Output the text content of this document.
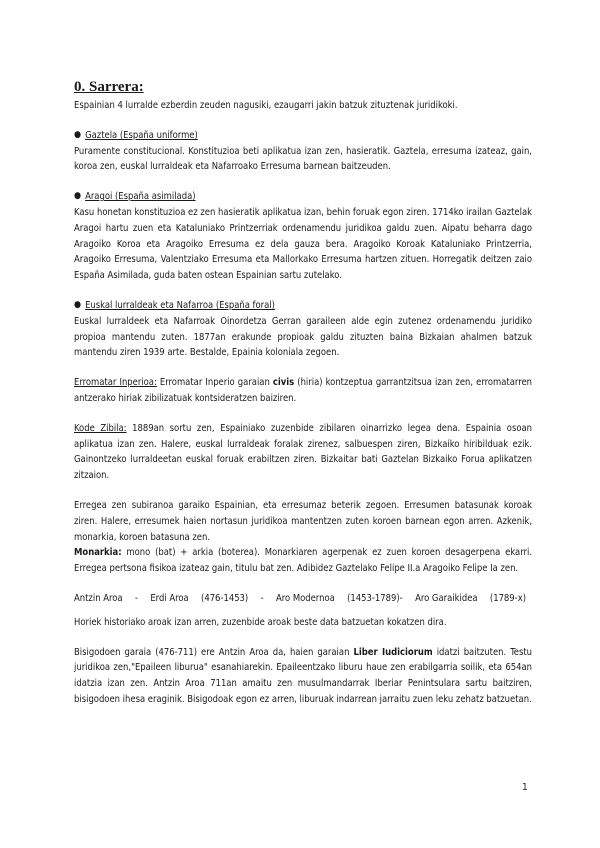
0. Sarrera:

Espainian 4 lurralde ezberdin zeuden nagusiki, ezaugarri jakin batzuk zituztenak juridikoki.

● Gaztela (España uniforme)

Puramente constitucional. Konstituzioa beti aplikatua izan zen, hasieratik. Gaztela, erresuma izateaz, gain, koroa zen, euskal lurraldeak eta Nafarroako Erresuma barnean baitzeuden.

● Aragoi (España asimilada)

Kasu honetan konstituzioa ez zen hasieratik aplikatua izan, behin foruak egon ziren. 1714ko irailan Gaztelak Aragoi hartu zuen eta Kataluniako Printzerriak ordenamendu juridikoa galdu zuen. Aipatu beharra dago Aragoiko Koroa eta Aragoiko Erresuma ez dela gauza bera. Aragoiko Koroak Kataluniako Printzerria, Aragoiko Erresuma, Valentziako Erresuma eta Mallorkako Erresuma hartzen zituen. Horregatik deitzen zaio España Asimilada, guda baten ostean Espainian sartu zutelako.

● Euskal lurraldeak eta Nafarroa (España foral)

Euskal lurraldeek eta Nafarroak Oinordetza Gerran garaileen alde egin zutenez ordenamendu juridiko propioa mantendu zuten. 1877an erakunde propioak galdu zituzten baina Bizkaian ahalmen batzuk mantendu ziren 1939 arte. Bestalde, Epainia koloniala zegoen.

Erromatar Inperioa: Erromatar Inperio garaian civis (hiria) kontzeptua garrantzitsua izan zen, erromatarren antzerako hiriak zibilizatuak kontsideratzen baiziren.

Kode Zibila: 1889an sortu zen, Espainiako zuzenbide zibilaren oinarrizko legea dena. Espainia osoan aplikatua izan zen. Halere, euskal lurraldeak foralak zirenez, salbuespen ziren, Bizkaiko hiribilduak ezik. Gainontzeko lurraldeetan euskal foruak erabiltzen ziren. Bizkaitar bati Gaztelan Bizkaiko Forua aplikatzen zitzaion.

Erregea zen subiranoa garaiko Espainian, eta erresumaz beterik zegoen. Erresumen batasunak koroak ziren. Halere, erresumek haien nortasun juridikoa mantentzen zuten koroen barnean egon arren. Azkenik, monarkia, koroen batasuna zen.

Monarkia: mono (bat) + arkia (boterea). Monarkiaren agerpenak ez zuen koroen desagerpena ekarri. Erregea pertsona fisikoa izateaz gain, titulu bat zen. Adibidez Gaztelako Felipe II.a Aragoiko Felipe Ia zen.

Antzin Aroa - Erdi Aroa (476-1453) - Aro Modernoa (1453-1789)- Aro Garaikidea (1789-x)

Horiek historiako aroak izan arren, zuzenbide aroak beste data batzuetan kokatzen dira.

Bisigodoen garaia (476-711) ere Antzin Aroa da, haien garaian Liber Iudiciorum idatzi baitzuten. Testu juridikoa zen,"Epaileen liburua" esanahiarekin. Epaileentzako liburu haue zen erabilgarria soilik, eta 654an idatzia izan zen. Antzin Aroa 711an amaitu zen musulmandarrak Iberiar Penintsulara sartu baitziren, bisigodoen ihesa eraginik. Bisigodoak egon ez arren, liburuak indarrean jarraitu zuen leku zehatz batzuetan.

1
